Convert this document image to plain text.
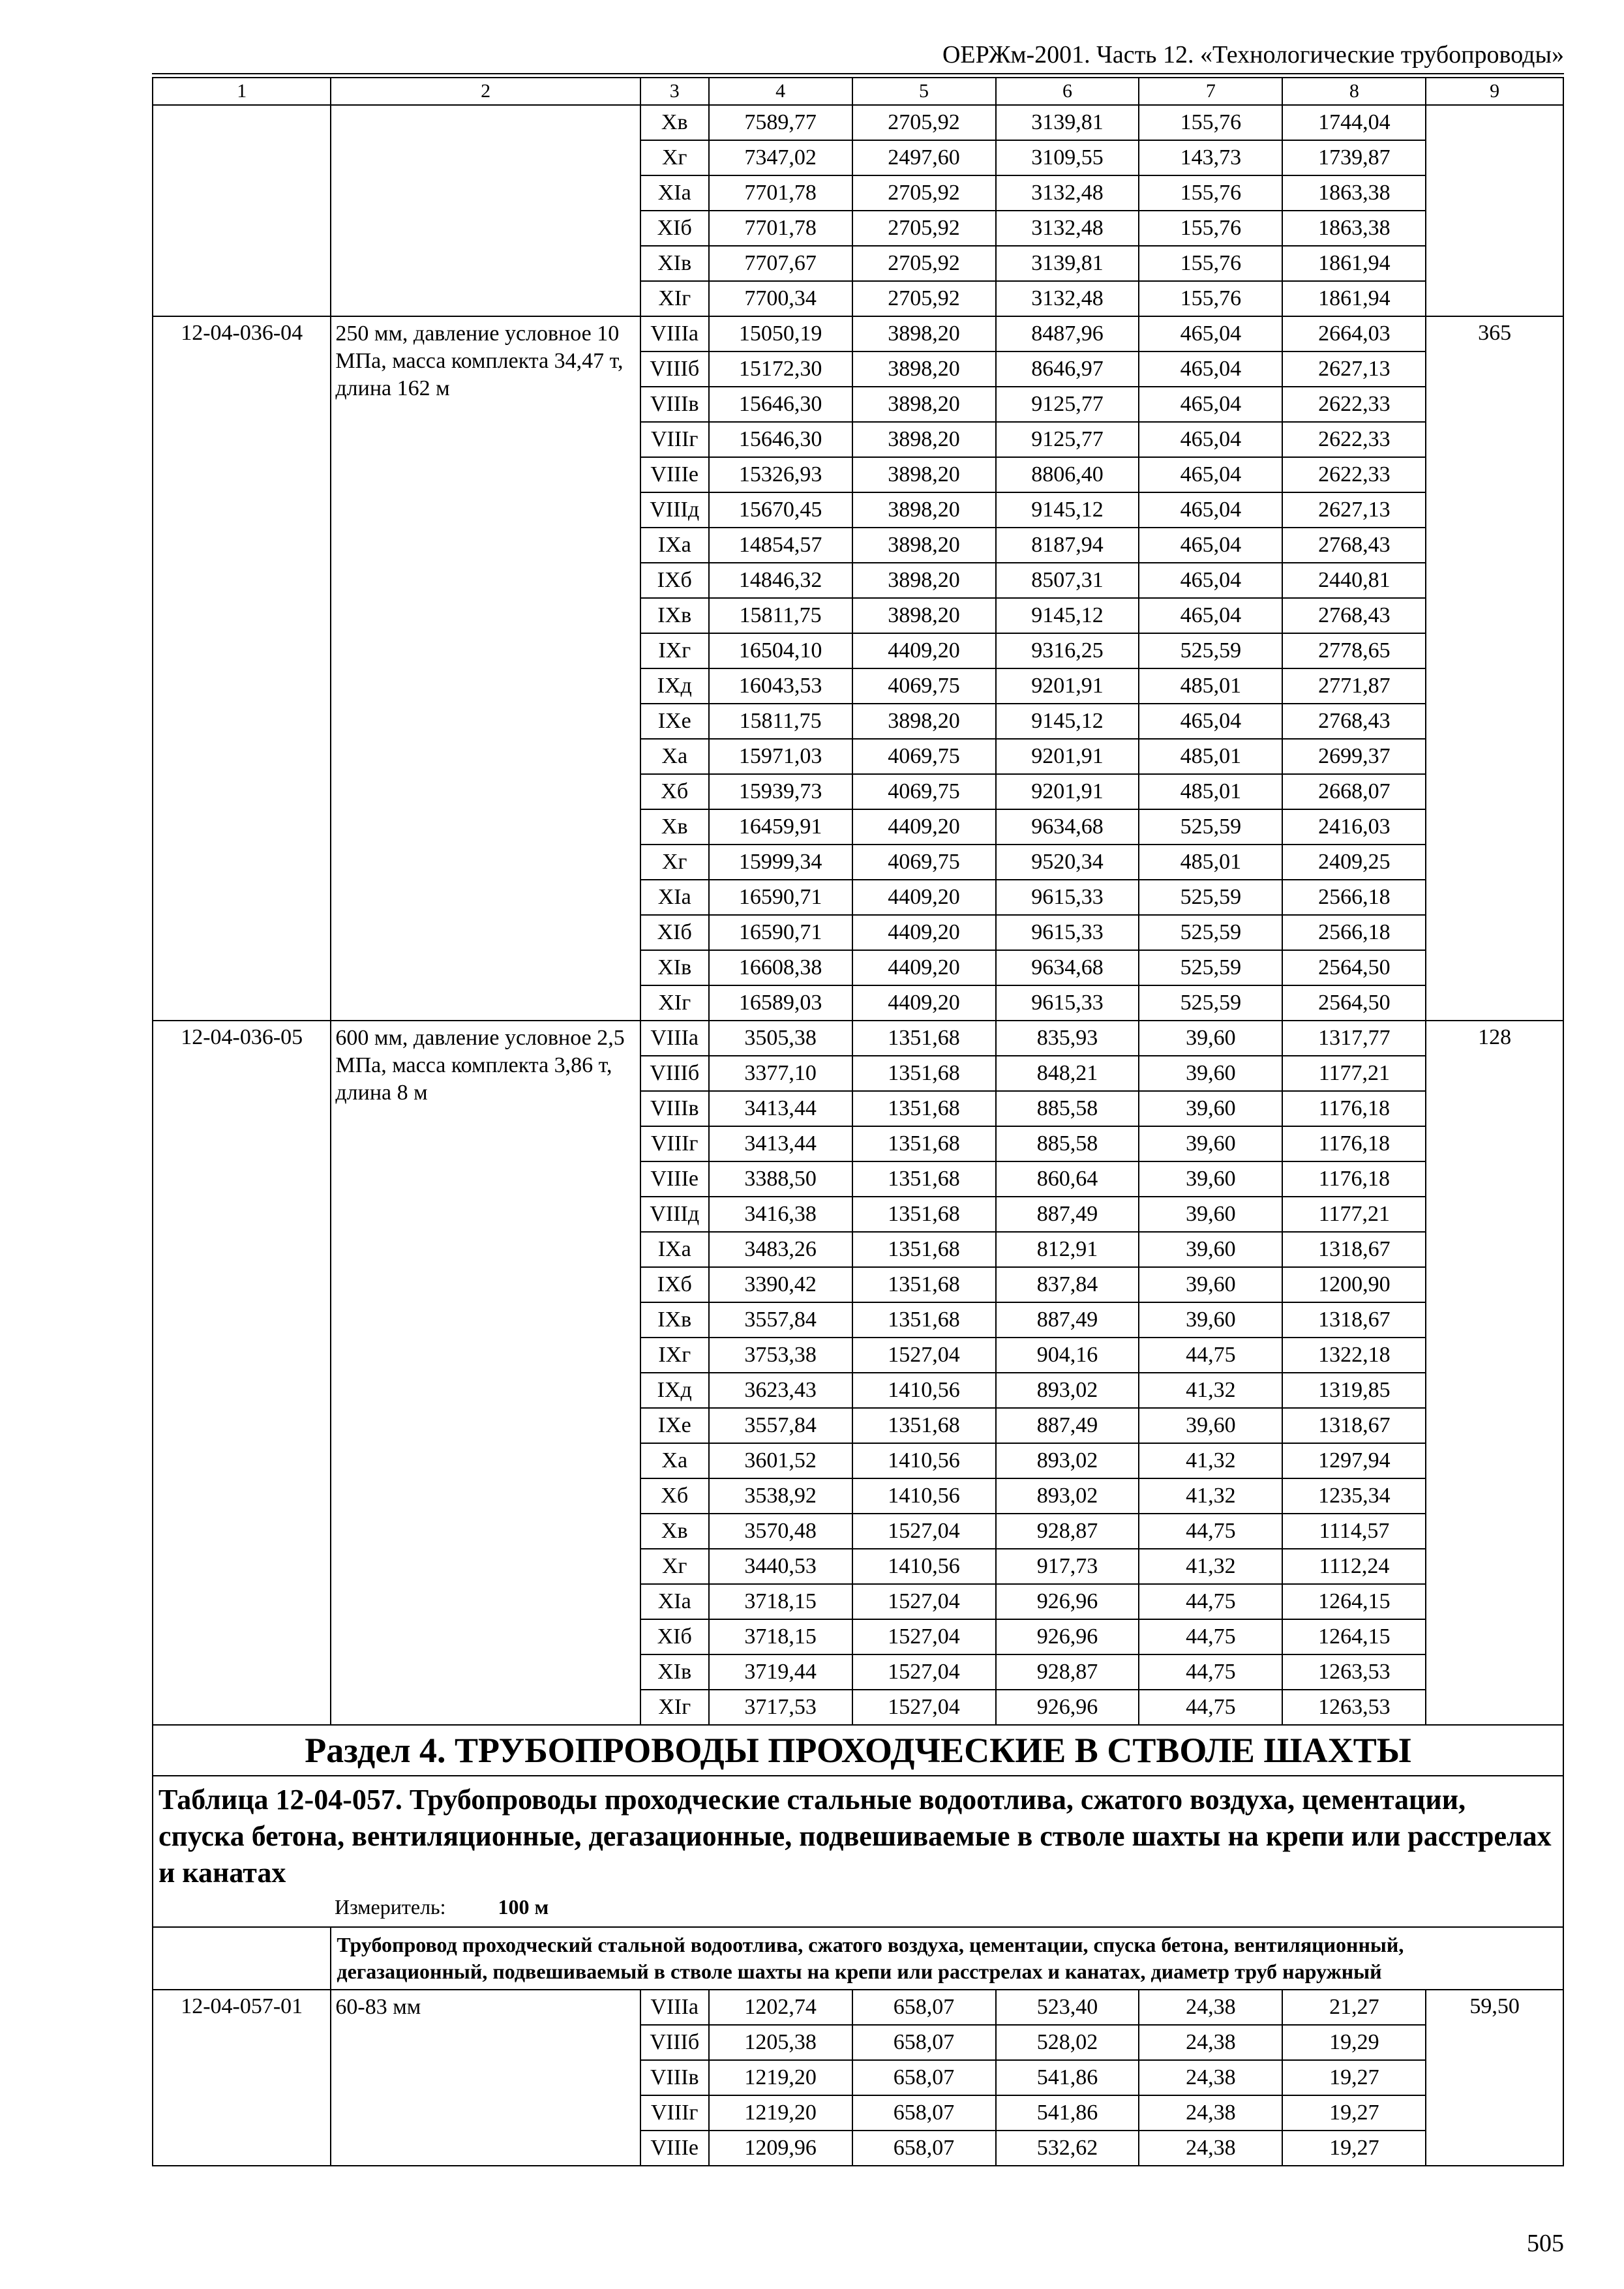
ОЕРЖм-2001. Часть 12. «Технологические трубопроводы»
1	2	3	4	5	6	7	8	9
		Хв	7589,77	2705,92	3139,81	155,76	1744,04	
		Хг	7347,02	2497,60	3109,55	143,73	1739,87	
		ХIа	7701,78	2705,92	3132,48	155,76	1863,38	
		ХIб	7701,78	2705,92	3132,48	155,76	1863,38	
		ХIв	7707,67	2705,92	3139,81	155,76	1861,94	
		ХIг	7700,34	2705,92	3132,48	155,76	1861,94	
12-04-036-04	250 мм, давление условное 10 МПа, масса комплекта 34,47 т, длина 162 м	VIIIа	15050,19	3898,20	8487,96	465,04	2664,03	365
		VIIIб	15172,30	3898,20	8646,97	465,04	2627,13	
		VIIIв	15646,30	3898,20	9125,77	465,04	2622,33	
		VIIIг	15646,30	3898,20	9125,77	465,04	2622,33	
		VIIIе	15326,93	3898,20	8806,40	465,04	2622,33	
		VIIIд	15670,45	3898,20	9145,12	465,04	2627,13	
		IХа	14854,57	3898,20	8187,94	465,04	2768,43	
		IХб	14846,32	3898,20	8507,31	465,04	2440,81	
		IХв	15811,75	3898,20	9145,12	465,04	2768,43	
		IХг	16504,10	4409,20	9316,25	525,59	2778,65	
		IХд	16043,53	4069,75	9201,91	485,01	2771,87	
		IХе	15811,75	3898,20	9145,12	465,04	2768,43	
		Ха	15971,03	4069,75	9201,91	485,01	2699,37	
		Хб	15939,73	4069,75	9201,91	485,01	2668,07	
		Хв	16459,91	4409,20	9634,68	525,59	2416,03	
		Хг	15999,34	4069,75	9520,34	485,01	2409,25	
		ХIа	16590,71	4409,20	9615,33	525,59	2566,18	
		ХIб	16590,71	4409,20	9615,33	525,59	2566,18	
		ХIв	16608,38	4409,20	9634,68	525,59	2564,50	
		ХIг	16589,03	4409,20	9615,33	525,59	2564,50	
12-04-036-05	600 мм, давление условное 2,5 МПа, масса комплекта 3,86 т, длина 8 м	VIIIа	3505,38	1351,68	835,93	39,60	1317,77	128
		VIIIб	3377,10	1351,68	848,21	39,60	1177,21	
		VIIIв	3413,44	1351,68	885,58	39,60	1176,18	
		VIIIг	3413,44	1351,68	885,58	39,60	1176,18	
		VIIIе	3388,50	1351,68	860,64	39,60	1176,18	
		VIIIд	3416,38	1351,68	887,49	39,60	1177,21	
		IХа	3483,26	1351,68	812,91	39,60	1318,67	
		IХб	3390,42	1351,68	837,84	39,60	1200,90	
		IХв	3557,84	1351,68	887,49	39,60	1318,67	
		IХг	3753,38	1527,04	904,16	44,75	1322,18	
		IХд	3623,43	1410,56	893,02	41,32	1319,85	
		IХе	3557,84	1351,68	887,49	39,60	1318,67	
		Ха	3601,52	1410,56	893,02	41,32	1297,94	
		Хб	3538,92	1410,56	893,02	41,32	1235,34	
		Хв	3570,48	1527,04	928,87	44,75	1114,57	
		Хг	3440,53	1410,56	917,73	41,32	1112,24	
		ХIа	3718,15	1527,04	926,96	44,75	1264,15	
		ХIб	3718,15	1527,04	926,96	44,75	1264,15	
		ХIв	3719,44	1527,04	928,87	44,75	1263,53	
		ХIг	3717,53	1527,04	926,96	44,75	1263,53	
Раздел 4. ТРУБОПРОВОДЫ ПРОХОДЧЕСКИЕ В СТВОЛЕ ШАХТЫ								

Таблица 12-04-057. Трубопроводы проходческие стальные водоотлива, сжатого воздуха, цементации, спуска бетона, вентиляционные, дегазационные, подвешиваемые в стволе шахты на крепи или расстрелах и канатах
Измеритель: 100 м								

	Трубопровод проходческий стальной водоотлива, сжатого воздуха, цементации, спуска бетона, вентиляционный, дегазационный, подвешиваемый в стволе шахты на крепи или расстрелах и канатах, диаметр труб наружный							

12-04-057-01	60-83 мм	VIIIа	1202,74	658,07	523,40	24,38	21,27	59,50
		VIIIб	1205,38	658,07	528,02	24,38	19,29	
		VIIIв	1219,20	658,07	541,86	24,38	19,27	
		VIIIг	1219,20	658,07	541,86	24,38	19,27	
		VIIIе	1209,96	658,07	532,62	24,38	19,27	
505
